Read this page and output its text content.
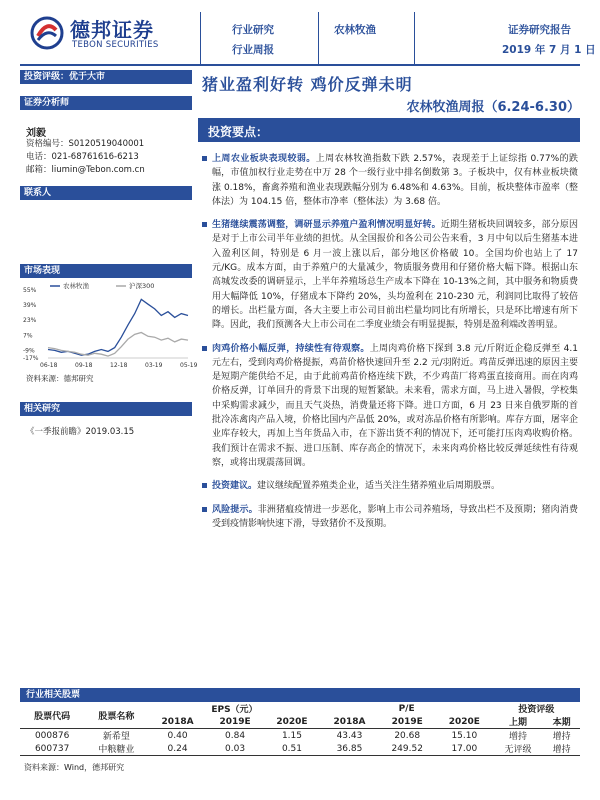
德邦证券
TEBON SECURITIES
行业研究
行业周报
农林牧渔	证券研究报告
2019 年 7 月 1 日
投资评级：优于大市
证券分析师
刘毅
资格编号：S0120519040001
电话：021-68761616-6213
邮箱：liumin@Tebon.com.cn
联系人
市场表现
55%
39%
23%
7%
-9%
-17%
06-18	09-18	12-18	03-19	05-19
农林牧渔	沪深300
资料来源：德邦研究
相关研究
《一季报前瞻》2019.03.15
猪业盈利好转 鸡价反弹未明
农林牧渔周报（6.24-6.30）
投资要点：
上周农业板块表现较弱。上周农林牧渔指数下跌 2.57%，表现差于上证综指 0.77%的跌幅，市值加权行业走势在中万 28 个一级行业中排名倒数第 3。子板块中，仅有林业板块微涨 0.18%，畜禽养殖和渔业表现跌幅分别为 6.48%和 4.63%。目前，板块整体市盈率（整体法）为 104.15 倍，整体市净率（整体法）为 3.68 倍。
生猪继续震荡调整，调研显示养殖户盈利情况明显好转。近期生猪板块回调较多，部分原因是对于上市公司半年业绩的担忧。从全国报价和各公司公告来看，3 月中旬以后生猪基本进入盈利区间，特别是 6 月一波上涨以后，部分地区价格破 10。全国均价也站上了 17 元/KG。成本方面，由于养殖户的大量减少，物质服务费用和仔猪价格大幅下降。根据山东高城发改委的调研显示，上半年养殖场总生产成本下降在 10-13%之间，其中服务和物质费用大幅降低 10%，仔猪成本下降约 20%，头均盈利在 210-230 元，利润同比取得了较倍的增长。出栏量方面，各大主要上市公司目前出栏量均同比有所增长，只是环比增速有所下降。因此，我们预测各大上市公司在二季度业绩会有明显提振，特别是盈利端改善明显。
肉鸡价格小幅反弹，持续性有待观察。上周肉鸡价格下探到 3.8 元/斤附近企稳反弹至 4.1 元左右，受到肉鸡价格提振，鸡苗价格快速回升至 2.2 元/羽附近。鸡苗反弹迅速的原因主要是短期产能供给不足，由于此前鸡苗价格连续下跌，不少鸡苗厂将鸡蛋直接商用。而在肉鸡价格反弹，订单回升的背景下出现的短暂紧缺。未来看，需求方面，马上进入暑假，学校集中采购需求减少，而且天气炎热，消费量还将下降。进口方面，6 月 23 日来自俄罗斯的首批冷冻禽肉产品入境，价格比国内产品低 20%，或对冻品价格有所影响。库存方面，屠宰企业库存较大，再加上当年货品入市，在下游出货不利的情况下，还可能打压肉鸡收购价格。我们预计在需求不振、进口压制、库存高企的情况下，未来肉鸡价格比较反弹延续性有待观察，或将出现震荡回调。
投资建议。建议继续配置养殖类企业，适当关注生猪养殖业后周期股票。
风险提示。非洲猪瘟疫情进一步恶化，影响上市公司养殖场，导致出栏不及预期；猪肉消费受到疫情影响快速下滑，导致猪价不及预期。
行业相关股票
股票代码	股票名称	EPS（元）			P/E			投资评级	
		2018A	2019E	2020E	2018A	2019E	2020E	上期	本期
000876	新希望	0.40	0.84	1.15	43.43	20.68	15.10	增持	增持
600737	中粮糖业	0.24	0.03	0.51	36.85	249.52	17.00	无评级	增持
资料来源：Wind，德邦研究
